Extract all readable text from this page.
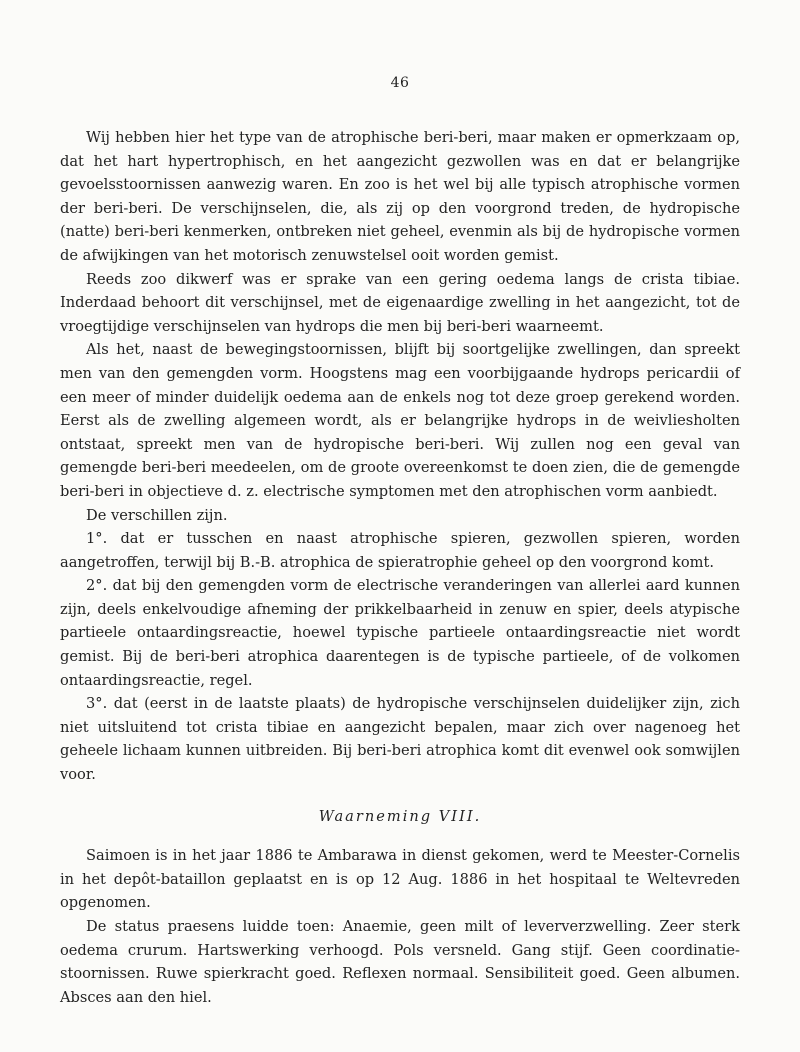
46

Wij hebben hier het type van de atrophische beri-beri, maar maken er opmerkzaam op, dat het hart hypertrophisch, en het aangezicht gezwollen was en dat er belangrijke gevoelsstoornissen aanwezig waren. En zoo is het wel bij alle typisch atrophische vormen der beri-beri. De verschijnselen, die, als zij op den voorgrond treden, de hydropische (natte) beri-beri kenmerken, ontbreken niet geheel, evenmin als bij de hydropische vormen de afwijkingen van het motorisch zenuwstelsel ooit worden gemist.

Reeds zoo dikwerf was er sprake van een gering oedema langs de crista tibiae. Inderdaad behoort dit verschijnsel, met de eigenaardige zwelling in het aangezicht, tot de vroegtijdige verschijnselen van hydrops die men bij beri-beri waarneemt.

Als het, naast de bewegingstoornissen, blijft bij soortgelijke zwellingen, dan spreekt men van den gemengden vorm. Hoogstens mag een voorbijgaande hydrops pericardii of een meer of minder duidelijk oedema aan de enkels nog tot deze groep gerekend worden. Eerst als de zwelling algemeen wordt, als er belangrijke hydrops in de weivliesholten ontstaat, spreekt men van de hydropische beri-beri. Wij zullen nog een geval van gemengde beri-beri meedeelen, om de groote overeenkomst te doen zien, die de gemengde beri-beri in objectieve d. z. electrische symptomen met den atrophischen vorm aanbiedt.

De verschillen zijn.

1°. dat er tusschen en naast atrophische spieren, gezwollen spieren, worden aangetroffen, terwijl bij B.-B. atrophica de spieratrophie geheel op den voorgrond komt.

2°. dat bij den gemengden vorm de electrische veranderingen van allerlei aard kunnen zijn, deels enkelvoudige afneming der prikkelbaarheid in zenuw en spier, deels atypische partieele ontaardingsreactie, hoewel typische partieele ontaardingsreactie niet wordt gemist. Bij de beri-beri atrophica daarentegen is de typische partieele, of de volkomen ontaardingsreactie, regel.

3°. dat (eerst in de laatste plaats) de hydropische verschijnselen duidelijker zijn, zich niet uitsluitend tot crista tibiae en aangezicht bepalen, maar zich over nagenoeg het geheele lichaam kunnen uitbreiden. Bij beri-beri atrophica komt dit evenwel ook somwijlen voor.

Waarneming VIII.

Saimoen is in het jaar 1886 te Ambarawa in dienst gekomen, werd te Meester-Cornelis in het depôt-bataillon geplaatst en is op 12 Aug. 1886 in het hospitaal te Weltevreden opgenomen.

De status praesens luidde toen: Anaemie, geen milt of leververzwelling. Zeer sterk oedema crurum. Hartswerking verhoogd. Pols versneld. Gang stijf. Geen coordinatie-stoornissen. Ruwe spierkracht goed. Reflexen normaal. Sensibiliteit goed. Geen albumen. Absces aan den hiel.
